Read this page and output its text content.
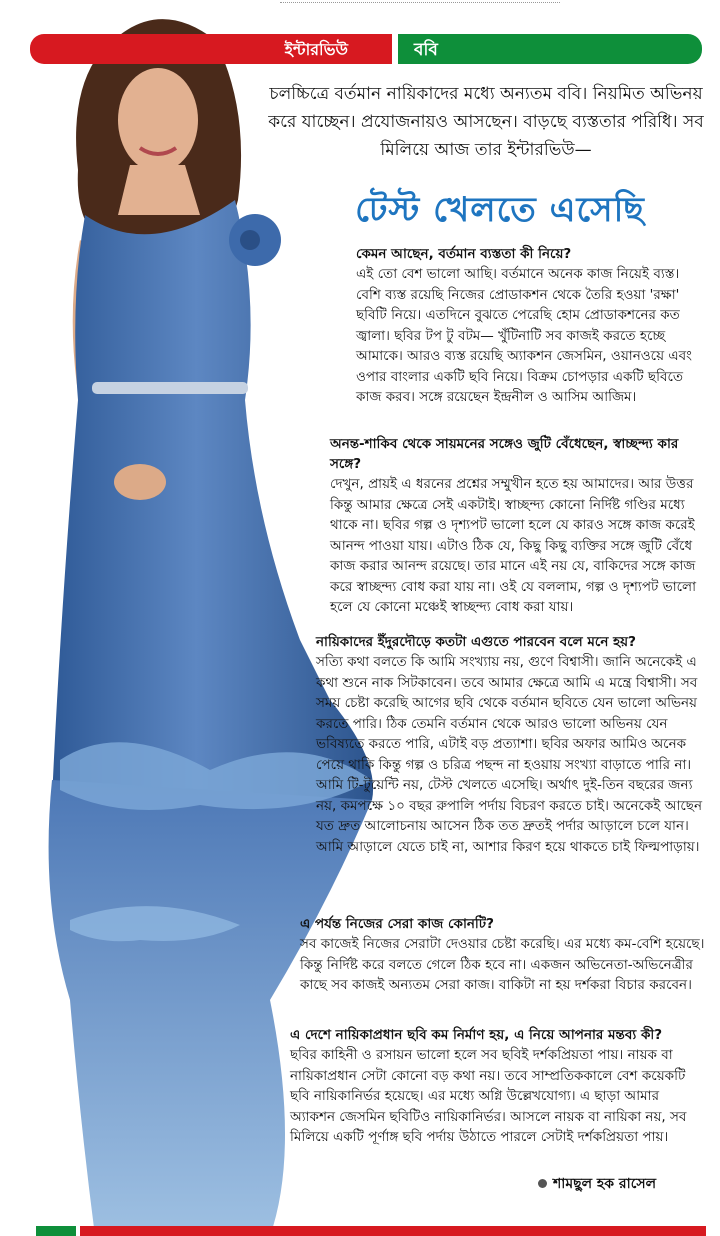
ইন্টারভিউ	ববি
চলচ্চিত্রে বর্তমান নায়িকাদের মধ্যে অন্যতম ববি। নিয়মিত অভিনয় করে যাচ্ছেন। প্রযোজনায়ও আসছেন। বাড়ছে ব্যস্ততার পরিধি। সব মিলিয়ে আজ তার ইন্টারভিউ—
টেস্ট খেলতে এসেছি
কেমন আছেন, বর্তমান ব্যস্ততা কী নিয়ে?
এই তো বেশ ভালো আছি। বর্তমানে অনেক কাজ নিয়েই ব্যস্ত। বেশি ব্যস্ত রয়েছি নিজের প্রোডাকশন থেকে তৈরি হওয়া 'রক্ষা' ছবিটি নিয়ে। এতদিনে বুঝতে পেরেছি হোম প্রোডাকশনের কত জ্বালা। ছবির টপ টু বটম— খুঁটিনাটি সব কাজই করতে হচ্ছে আমাকে। আরও ব্যস্ত রয়েছি অ্যাকশন জেসমিন, ওয়ানওয়ে এবং ওপার বাংলার একটি ছবি নিয়ে। বিক্রম চোপড়ার একটি ছবিতে কাজ করব। সঙ্গে রয়েছেন ইন্দ্রনীল ও আসিম আজিম।
অনন্ত-শাকিব থেকে সায়মনের সঙ্গেও জুটি বেঁধেছেন, স্বাচ্ছন্দ্য কার সঙ্গে?
দেখুন, প্রায়ই এ ধরনের প্রশ্নের সম্মুখীন হতে হয় আমাদের। আর উত্তর কিন্তু আমার ক্ষেত্রে সেই একটাই। স্বাচ্ছন্দ্য কোনো নির্দিষ্ট গণ্ডির মধ্যে থাকে না। ছবির গল্প ও দৃশ্যপট ভালো হলে যে কারও সঙ্গে কাজ করেই আনন্দ পাওয়া যায়। এটাও ঠিক যে, কিছু কিছু ব্যক্তির সঙ্গে জুটি বেঁধে কাজ করার আনন্দ রয়েছে। তার মানে এই নয় যে, বাকিদের সঙ্গে কাজ করে স্বাচ্ছন্দ্য বোধ করা যায় না। ওই যে বললাম, গল্প ও দৃশ্যপট ভালো হলে যে কোনো মঞ্চেই স্বাচ্ছন্দ্য বোধ করা যায়।
নায়িকাদের ইঁদুরদৌড়ে কতটা এগুতে পারবেন বলে মনে হয়?
সত্যি কথা বলতে কি আমি সংখ্যায় নয়, গুণে বিশ্বাসী। জানি অনেকেই এ কথা শুনে নাক সিটকাবেন। তবে আমার ক্ষেত্রে আমি এ মন্ত্রে বিশ্বাসী। সব সময় চেষ্টা করেছি আগের ছবি থেকে বর্তমান ছবিতে যেন ভালো অভিনয় করতে পারি। ঠিক তেমনি বর্তমান থেকে আরও ভালো অভিনয় যেন ভবিষ্যতে করতে পারি, এটাই বড় প্রত্যাশা। ছবির অফার আমিও অনেক পেয়ে থাকি কিন্তু গল্প ও চরিত্র পছন্দ না হওয়ায় সংখ্যা বাড়াতে পারি না। আমি টি-টুয়েন্টি নয়, টেস্ট খেলতে এসেছি। অর্থাৎ দুই-তিন বছরের জন্য নয়, কমপক্ষে ১০ বছর রুপালি পর্দায় বিচরণ করতে চাই। অনেকেই আছেন যত দ্রুত আলোচনায় আসেন ঠিক তত দ্রুতই পর্দার আড়ালে চলে যান। আমি আড়ালে যেতে চাই না, আশার কিরণ হয়ে থাকতে চাই ফিল্মপাড়ায়।
এ পর্যন্ত নিজের সেরা কাজ কোনটি?
সব কাজেই নিজের সেরাটা দেওয়ার চেষ্টা করেছি। এর মধ্যে কম-বেশি হয়েছে। কিন্তু নির্দিষ্ট করে বলতে গেলে ঠিক হবে না। একজন অভিনেতা-অভিনেত্রীর কাছে সব কাজই অন্যতম সেরা কাজ। বাকিটা না হয় দর্শকরা বিচার করবেন।
এ দেশে নায়িকাপ্রধান ছবি কম নির্মাণ হয়, এ নিয়ে আপনার মন্তব্য কী?
ছবির কাহিনী ও রসায়ন ভালো হলে সব ছবিই দর্শকপ্রিয়তা পায়। নায়ক বা নায়িকাপ্রধান সেটা কোনো বড় কথা নয়। তবে সাম্প্রতিককালে বেশ কয়েকটি ছবি নায়িকানির্ভর হয়েছে। এর মধ্যে অগ্নি উল্লেখযোগ্য। এ ছাড়া আমার অ্যাকশন জেসমিন ছবিটিও নায়িকানির্ভর। আসলে নায়ক বা নায়িকা নয়, সব মিলিয়ে একটি পূর্ণাঙ্গ ছবি পর্দায় উঠাতে পারলে সেটাই দর্শকপ্রিয়তা পায়।
শামছুল হক রাসেল
